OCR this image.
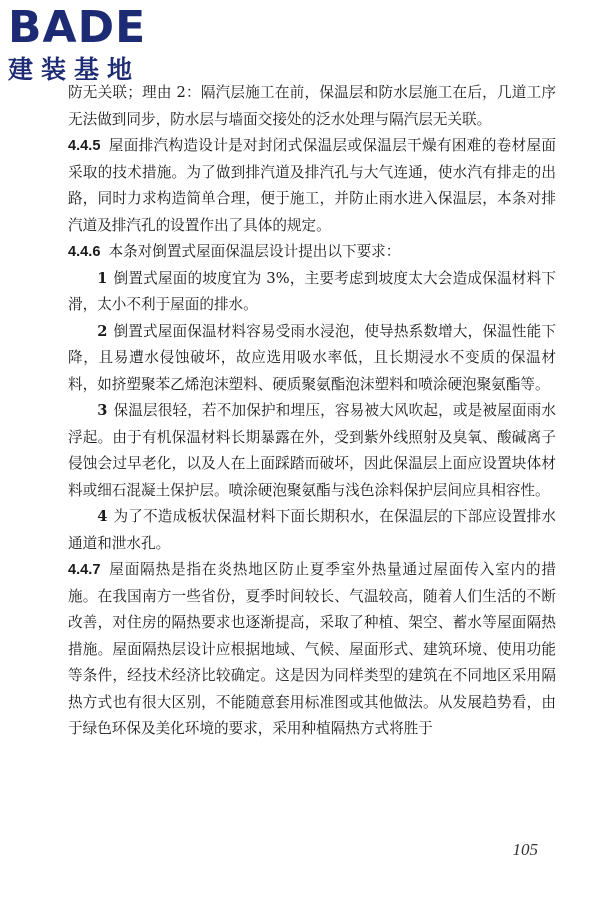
BADE
建装基地

防无关联；理由 2：隔汽层施工在前，保温层和防水层施工在后，几道工序无法做到同步，防水层与墙面交接处的泛水处理与隔汽层无关联。

4.4.5 屋面排汽构造设计是对封闭式保温层或保温层干燥有困难的卷材屋面采取的技术措施。为了做到排汽道及排汽孔与大气连通，使水汽有排走的出路，同时力求构造简单合理，便于施工，并防止雨水进入保温层，本条对排汽道及排汽孔的设置作出了具体的规定。

4.4.6 本条对倒置式屋面保温层设计提出以下要求：

1 倒置式屋面的坡度宜为 3%，主要考虑到坡度太大会造成保温材料下滑，太小不利于屋面的排水。

2 倒置式屋面保温材料容易受雨水浸泡，使导热系数增大，保温性能下降，且易遭水侵蚀破坏，故应选用吸水率低，且长期浸水不变质的保温材料，如挤塑聚苯乙烯泡沫塑料、硬质聚氨酯泡沫塑料和喷涂硬泡聚氨酯等。

3 保温层很轻，若不加保护和埋压，容易被大风吹起，或是被屋面雨水浮起。由于有机保温材料长期暴露在外，受到紫外线照射及臭氧、酸碱离子侵蚀会过早老化，以及人在上面踩踏而破坏，因此保温层上面应设置块体材料或细石混凝土保护层。喷涂硬泡聚氨酯与浅色涂料保护层间应具相容性。

4 为了不造成板状保温材料下面长期积水，在保温层的下部应设置排水通道和泄水孔。

4.4.7 屋面隔热是指在炎热地区防止夏季室外热量通过屋面传入室内的措施。在我国南方一些省份，夏季时间较长、气温较高，随着人们生活的不断改善，对住房的隔热要求也逐渐提高，采取了种植、架空、蓄水等屋面隔热措施。屋面隔热层设计应根据地域、气候、屋面形式、建筑环境、使用功能等条件，经技术经济比较确定。这是因为同样类型的建筑在不同地区采用隔热方式也有很大区别，不能随意套用标准图或其他做法。从发展趋势看，由于绿色环保及美化环境的要求，采用种植隔热方式将胜于

105
